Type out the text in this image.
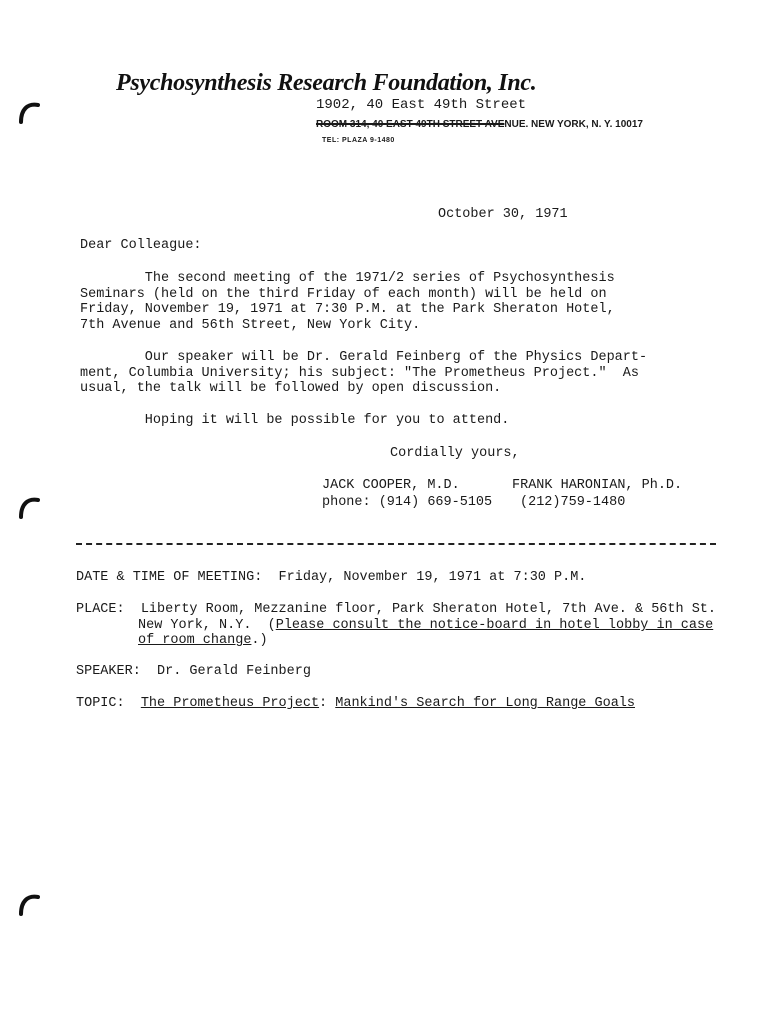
Psychosynthesis Research Foundation, Inc.
1902, 40 East 49th Street
ROOM 314, 40 EAST 49TH STREET AVENUE. NEW YORK, N. Y. 10017
TEL: PLAZA 9-1480
October 30, 1971
Dear Colleague:
The second meeting of the 1971/2 series of Psychosynthesis
Seminars (held on the third Friday of each month) will be held on
Friday, November 19, 1971 at 7:30 P.M. at the Park Sheraton Hotel,
7th Avenue and 56th Street, New York City.
Our speaker will be Dr. Gerald Feinberg of the Physics Depart-
ment, Columbia University; his subject: "The Prometheus Project."  As
usual, the talk will be followed by open discussion.
Hoping it will be possible for you to attend.
Cordially yours,
JACK COOPER, M.D.
phone: (914) 669-5105
FRANK HARONIAN, Ph.D.
(212)759-1480
DATE & TIME OF MEETING: Friday, November 19, 1971 at 7:30 P.M.
PLACE: Liberty Room, Mezzanine floor, Park Sheraton Hotel, 7th Ave. & 56th St.
New York, N.Y.  (Please consult the notice-board in hotel lobby in case
of room change.)
SPEAKER: Dr. Gerald Feinberg
TOPIC: The Prometheus Project: Mankind's Search for Long Range Goals
